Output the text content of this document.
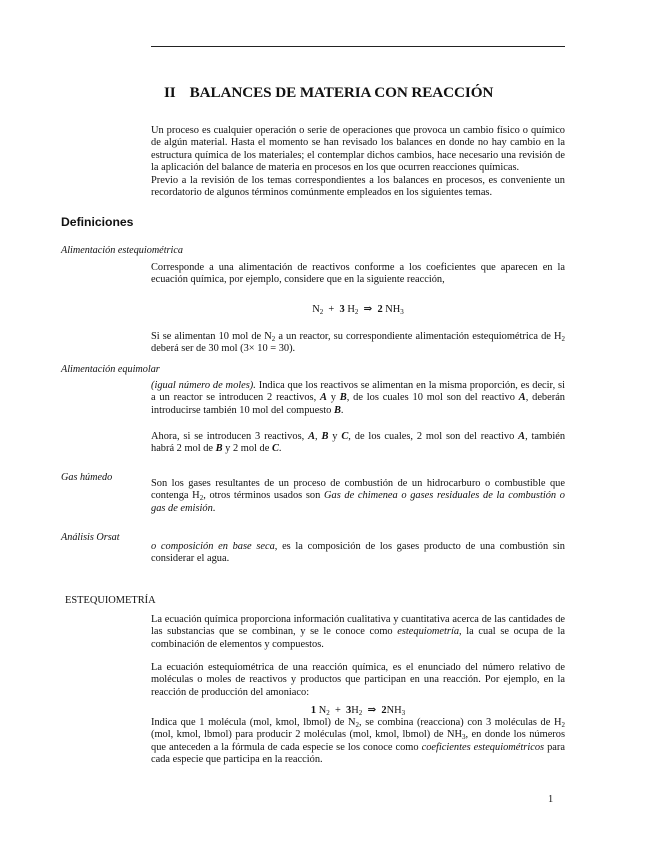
II BALANCES DE MATERIA CON REACCIÓN
Un proceso es cualquier operación o serie de operaciones que provoca un cambio físico o químico de algún material. Hasta el momento se han revisado los balances en donde no hay cambio en la estructura química de los materiales; el contemplar dichos cambios, hace necesario una revisión de la aplicación del balance de materia en procesos en los que ocurren reacciones químicas.
Previo a la revisión de los temas correspondientes a los balances en procesos, es conveniente un recordatorio de algunos términos comúnmente empleados en los siguientes temas.
Definiciones
Alimentación estequiométrica
Corresponde a una alimentación de reactivos conforme a los coeficientes que aparecen en la ecuación química, por ejemplo, considere que en la siguiente reacción,
$N_2 + 3$ $H_2$ ⇒ 2 $NH_3$
Si se alimentan 10 mol de $N_2$ a un reactor, su correspondiente alimentación estequiométrica de $H_2$ deberá ser de 30 mol (3× 10 = 30).
Alimentación equimolar
(igual número de moles). Indica que los reactivos se alimentan en la misma proporción, es decir, si a un reactor se introducen 2 reactivos, A y B, de los cuales 10 mol son del reactivo A, deberán introducirse también 10 mol del compuesto B.
Ahora, si se introducen 3 reactivos, A, B y C, de los cuales, 2 mol son del reactivo A, también habrá 2 mol de B y 2 mol de C.
Gas húmedo
Son los gases resultantes de un proceso de combustión de un hidrocarburo o combustible que contenga $H_2$, otros términos usados son Gas de chimenea o gases residuales de la combustión o gas de emisión.
Análisis Orsat
o composición en base seca, es la composición de los gases producto de una combustión sin considerar el agua.
ESTEQUIOMETRÍA
La ecuación química proporciona información cualitativa y cuantitativa acerca de las cantidades de las substancias que se combinan, y se le conoce como estequiometría, la cual se ocupa de la combinación de elementos y compuestos.
La ecuación estequiométrica de una reacción química, es el enunciado del número relativo de moléculas o moles de reactivos y productos que participan en una reacción. Por ejemplo, en la reacción de producción del amoniaco:
1 $N_2 + 3H_2$ ⇒ $2NH_3$
Indica que 1 molécula (mol, kmol, lbmol) de $N_2$, se combina (reacciona) con 3 moléculas de $H_2$ (mol, kmol, lbmol) para producir 2 moléculas (mol, kmol, lbmol) de $NH_3$, en donde los números que anteceden a la fórmula de cada especie se los conoce como coeficientes estequiométricos para cada especie que participa en la reacción.
1
